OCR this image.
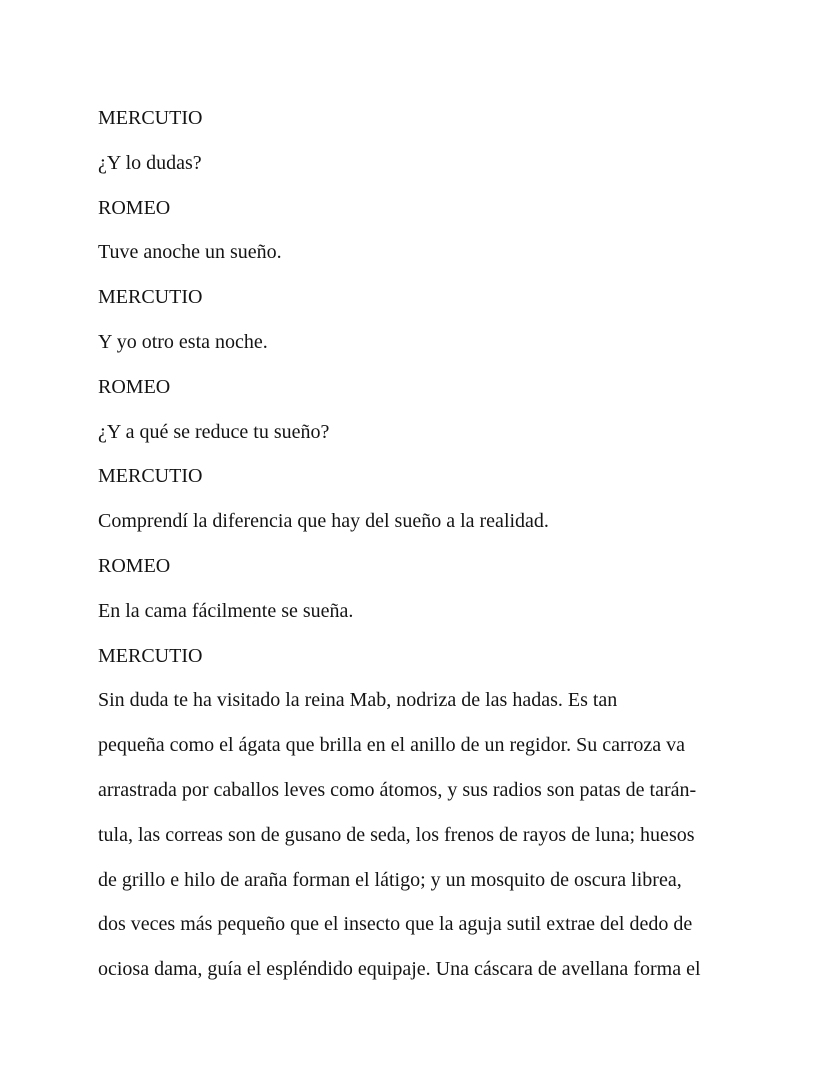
MERCUTIO
¿Y lo dudas?
ROMEO
Tuve anoche un sueño.
MERCUTIO
Y yo otro esta noche.
ROMEO
¿Y a qué se reduce tu sueño?
MERCUTIO
Comprendí la diferencia que hay del sueño a la realidad.
ROMEO
En la cama fácilmente se sueña.
MERCUTIO
Sin duda te ha visitado la reina Mab, nodriza de las hadas. Es tan
pequeña como el ágata que brilla en el anillo de un regidor. Su carroza va
arrastrada por caballos leves como átomos, y sus radios son patas de tarán-
tula, las correas son de gusano de seda, los frenos de rayos de luna; huesos
de grillo e hilo de araña forman el látigo; y un mosquito de oscura librea,
dos veces más pequeño que el insecto que la aguja sutil extrae del dedo de
ociosa dama, guía el espléndido equipaje. Una cáscara de avellana forma el
